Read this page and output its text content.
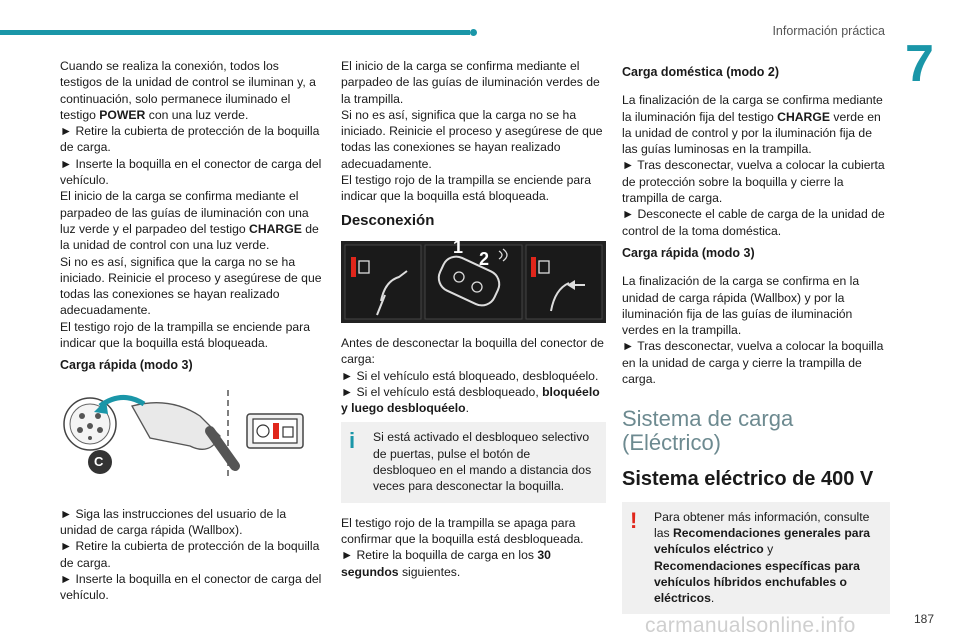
Información práctica
7

Cuando se realiza la conexión, todos los testigos de la unidad de control se iluminan y, a continuación, solo permanece iluminado el testigo POWER con una luz verde.

► Retire la cubierta de protección de la boquilla de carga.

► Inserte la boquilla en el conector de carga del vehículo.

El inicio de la carga se confirma mediante el parpadeo de las guías de iluminación con una luz verde y el parpadeo del testigo CHARGE de la unidad de control con una luz verde.

Si no es así, significa que la carga no se ha iniciado. Reinicie el proceso y asegúrese de que todas las conexiones se hayan realizado adecuadamente.

El testigo rojo de la trampilla se enciende para indicar que la boquilla está bloqueada.

Carga rápida (modo 3)
C

► Siga las instrucciones del usuario de la unidad de carga rápida (Wallbox).

► Retire la cubierta de protección de la boquilla de carga.

► Inserte la boquilla en el conector de carga del vehículo.

El inicio de la carga se confirma mediante el parpadeo de las guías de iluminación verdes de la trampilla.

Si no es así, significa que la carga no se ha iniciado. Reinicie el proceso y asegúrese de que todas las conexiones se hayan realizado adecuadamente.

El testigo rojo de la trampilla se enciende para indicar que la boquilla está bloqueada.

Desconexión
1
2

Antes de desconectar la boquilla del conector de carga:

► Si el vehículo está bloqueado, desbloquéelo.

► Si el vehículo está desbloqueado, bloquéelo y luego desbloquéelo.

i	Si está activado el desbloqueo selectivo de puertas, pulse el botón de desbloqueo en el mando a distancia dos veces para desconectar la boquilla.

El testigo rojo de la trampilla se apaga para confirmar que la boquilla está desbloqueada.

► Retire la boquilla de carga en los 30 segundos siguientes.

Carga doméstica (modo 2)

La finalización de la carga se confirma mediante la iluminación fija del testigo CHARGE verde en la unidad de control y por la iluminación fija de las guías luminosas en la trampilla.

► Tras desconectar, vuelva a colocar la cubierta de protección sobre la boquilla y cierre la trampilla de carga.

► Desconecte el cable de carga de la unidad de control de la toma doméstica.

Carga rápida (modo 3)

La finalización de la carga se confirma en la unidad de carga rápida (Wallbox) y por la iluminación fija de las guías de iluminación verdes en la trampilla.

► Tras desconectar, vuelva a colocar la boquilla en la unidad de carga y cierre la trampilla de carga.

Sistema de carga (Eléctrico)
Sistema eléctrico de 400 V
!	Para obtener más información, consulte las Recomendaciones generales para vehículos eléctrico y Recomendaciones específicas para vehículos híbridos enchufables o eléctricos.

carmanualsonline.info	187
